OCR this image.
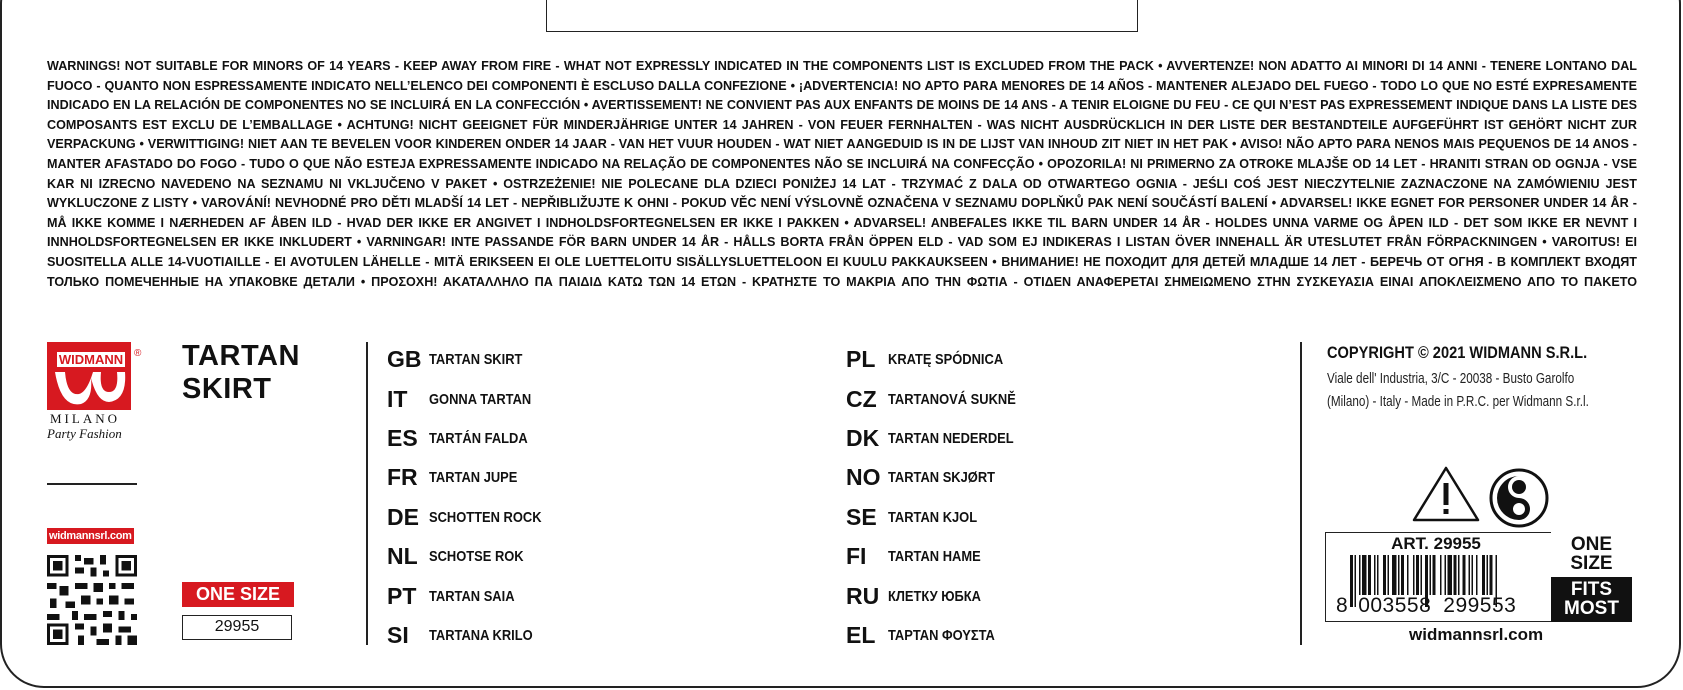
WARNINGS! NOT SUITABLE FOR MINORS OF 14 YEARS - KEEP AWAY FROM FIRE - WHAT NOT EXPRESSLY INDICATED IN THE COMPONENTS LIST IS EXCLUDED FROM THE PACK • AVVERTENZE! NON ADATTO AI MINORI DI 14 ANNI - TENERE LONTANO DAL FUOCO - QUANTO NON ESPRESSAMENTE INDICATO NELL’ELENCO DEI COMPONENTI È ESCLUSO DALLA CONFEZIONE • ¡ADVERTENCIA! NO APTO PARA MENORES DE 14 AÑOS - MANTENER ALEJADO DEL FUEGO - TODO LO QUE NO ESTÉ EXPRESAMENTE INDICADO EN LA RELACIÓN DE COMPONENTES NO SE INCLUIRÁ EN LA CONFECCIÓN • AVERTISSEMENT! NE CONVIENT PAS AUX ENFANTS DE MOINS DE 14 ANS - A TENIR ELOIGNE DU FEU - CE QUI N’EST PAS EXPRESSEMENT INDIQUE DANS LA LISTE DES COMPOSANTS EST EXCLU DE L’EMBALLAGE • ACHTUNG! NICHT GEEIGNET FÜR MINDERJÄHRIGE UNTER 14 JAHREN - VON FEUER FERNHALTEN - WAS NICHT AUSDRÜCKLICH IN DER LISTE DER BESTANDTEILE AUFGEFÜHRT IST GEHÖRT NICHT ZUR VERPACKUNG • VERWITTIGING! NIET AAN TE BEVELEN VOOR KINDEREN ONDER 14 JAAR - VAN HET VUUR HOUDEN - WAT NIET AANGEDUID IS IN DE LIJST VAN INHOUD ZIT NIET IN HET PAK • AVISO! NÃO APTO PARA NENOS MAIS PEQUENOS DE 14 ANOS - MANTER AFASTADO DO FOGO - TUDO O QUE NÃO ESTEJA EXPRESSAMENTE INDICADO NA RELAÇÃO DE COMPONENTES NÃO SE INCLUIRÁ NA CONFECÇÃO • OPOZORILA! NI PRIMERNO ZA OTROKE MLAJŠE OD 14 LET - HRANITI STRAN OD OGNJA - VSE KAR NI IZRECNO NAVEDENO NA SEZNAMU NI VKLJUČENO V PAKET • OSTRZEŻENIE! NIE POLECANE DLA DZIECI PONIŻEJ 14 LAT - TRZYMAĆ Z DALA OD OTWARTEGO OGNIA - JEŚLI COŚ JEST NIECZYTELNIE ZAZNACZONE NA ZAMÓWIENIU JEST WYKLUCZONE Z LISTY • VAROVÁNÍ! NEVHODNÉ PRO DĚTI MLADŠÍ 14 LET - NEPŘIBLIŽUJTE K OHNI - POKUD VĚC NENÍ VÝSLOVNĚ OZNAČENA V SEZNAMU DOPLŇKŮ PAK NENÍ SOUČÁSTÍ BALENÍ • ADVARSEL! IKKE EGNET FOR PERSONER UNDER 14 ÅR - MÅ IKKE KOMME I NÆRHEDEN AF ÅBEN ILD - HVAD DER IKKE ER ANGIVET I INDHOLDSFORTEGNELSEN ER IKKE I PAKKEN • ADVARSEL! ANBEFALES IKKE TIL BARN UNDER 14 ÅR - HOLDES UNNA VARME OG ÅPEN ILD - DET SOM IKKE ER NEVNT I INNHOLDSFORTEGNELSEN ER IKKE INKLUDERT • VARNINGAR! INTE PASSANDE FÖR BARN UNDER 14 ÅR - HÅLLS BORTA FRÅN ÖPPEN ELD - VAD SOM EJ INDIKERAS I LISTAN ÖVER INNEHALL ÄR UTESLUTET FRÅN FÖRPACKNINGEN • VAROITUS! EI SUOSITELLA ALLE 14-VUOTIAILLE - EI AVOTULEN LÄHELLE - MITÄ ERIKSEEN EI OLE LUETTELOITU SISÄLLYSLUETTELOON EI KUULU PAKKAUKSEEN • ВНИМАНИЕ! НЕ ПОХОДИТ ДЛЯ ДЕТЕЙ МЛАДШЕ 14 ЛЕТ - БЕРЕЧЬ ОТ ОГНЯ - В КОМПЛЕКТ ВХОДЯТ ТОЛЬКО ПОМЕЧЕННЫЕ НА УПАКОВКЕ ДЕТАЛИ • ΠΡΟΣΟΧΗ! ΑΚΑΤΑΛΛΗΛΟ ΠΑ ΠΑΙΔΙΔ ΚΑΤΩ ΤΩΝ 14 ΕΤΩΝ - ΚΡΑΤΗΣΤΕ ΤΟ ΜΑΚΡΙΑ ΑΠΟ ΤΗΝ ΦΩΤΙΑ - ΟΤΙΔΕΝ ΑΝΑΦΕΡΕΤΑΙ ΣΗΜΕΙΩΜΕΝΟ ΣΤΗΝ ΣΥΣΚΕΥΑΣΙΑ ΕΙΝΑΙ ΑΠΟΚΛΕΙΣΜΕΝΟ ΑΠΟ ΤΟ ΠΑΚΕΤΟ
WIDMANN ®
MILANO
Party Fashion
widmannsrl.com
TARTAN
SKIRT
ONE SIZE
29955
GB TARTAN SKIRT
IT	GONNA TARTAN
ES TARTÁN FALDA
FR TARTAN JUPE
DE SCHOTTEN ROCK
NL SCHOTSE ROK
PT TARTAN SAIA
SI	TARTANA KRILO
PL KRATĘ SPÓDNICA
CZ TARTANOVÁ SUKNĚ
DK TARTAN NEDERDEL
NO TARTAN SKJØRT
SE TARTAN KJOL
FI	TARTAN HAME
RU КЛЕТКУ ЮБКА
EL ΤΑΡΤΑΝ ΦΟΥΣΤΑ
COPYRIGHT © 2021 WIDMANN S.R.L.
Viale dell' Industria, 3/C - 20038 - Busto Garolfo
(Milano) - Italy - Made in P.R.C. per Widmann S.r.l.
ART. 29955
8 003558 299553
ONE
SIZE
FITS
MOST
widmannsrl.com
